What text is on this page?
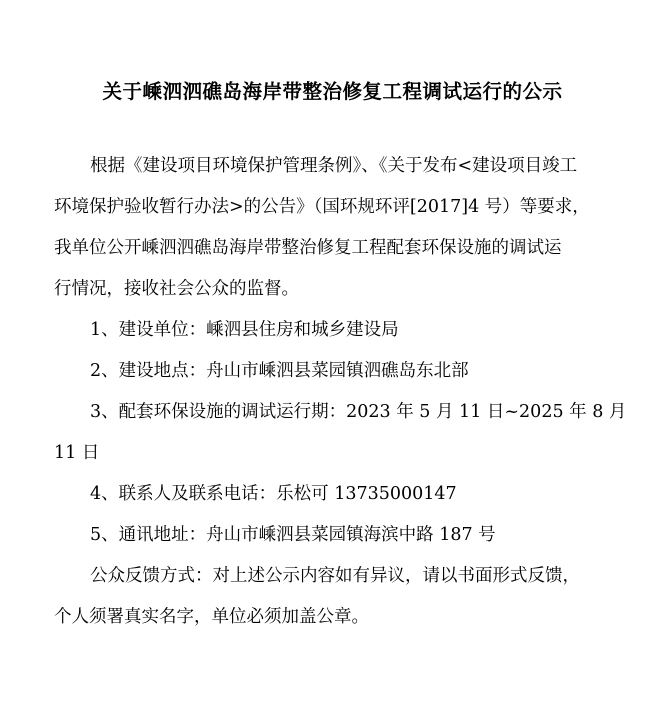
关于嵊泗泗礁岛海岸带整治修复工程调试运行的公示
根据《建设项目环境保护管理条例》、《关于发布<建设项目竣工
环境保护验收暂行办法>的公告》（国环规环评[2017]4 号）等要求，
我单位公开嵊泗泗礁岛海岸带整治修复工程配套环保设施的调试运
行情况，接收社会公众的监督。
1、建设单位：嵊泗县住房和城乡建设局
2、建设地点：舟山市嵊泗县菜园镇泗礁岛东北部
3、配套环保设施的调试运行期：2023 年 5 月 11 日~2025 年 8 月
11 日
4、联系人及联系电话：乐松可 13735000147
5、通讯地址：舟山市嵊泗县菜园镇海滨中路 187 号
公众反馈方式：对上述公示内容如有异议，请以书面形式反馈，
个人须署真实名字，单位必须加盖公章。
